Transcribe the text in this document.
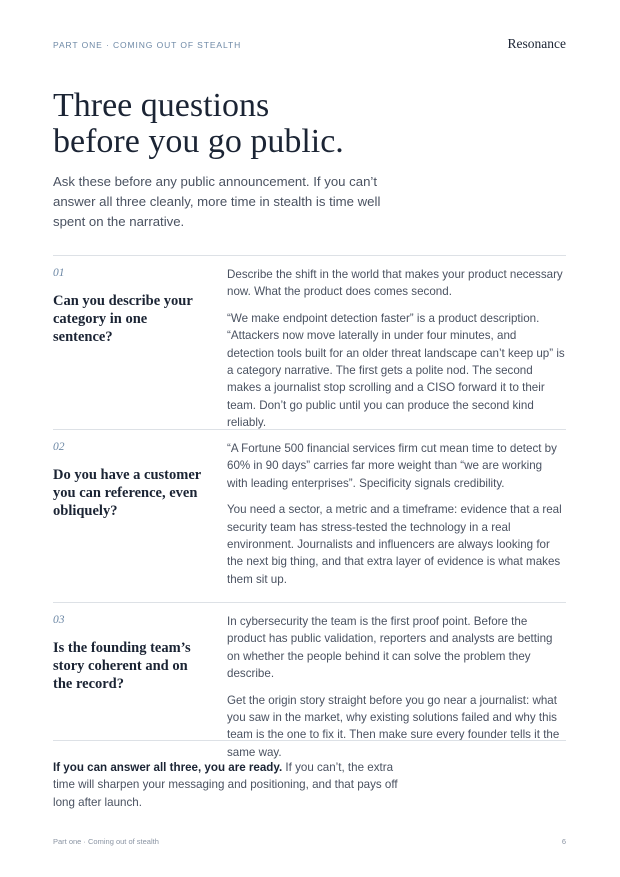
PART ONE · COMING OUT OF STEALTH	Resonance
Three questions
before you go public.

Ask these before any public announcement. If you can’t answer all three cleanly, more time in stealth is time well spent on the narrative.

01
Can you describe your category in one sentence?

Describe the shift in the world that makes your product necessary now. What the product does comes second.

“We make endpoint detection faster” is a product description. “Attackers now move laterally in under four minutes, and detection tools built for an older threat landscape can’t keep up” is a category narrative. The first gets a polite nod. The second makes a journalist stop scrolling and a CISO forward it to their team. Don’t go public until you can produce the second kind reliably.

02
Do you have a customer you can reference, even obliquely?

“A Fortune 500 financial services firm cut mean time to detect by 60% in 90 days” carries far more weight than “we are working with leading enterprises”. Specificity signals credibility.

You need a sector, a metric and a timeframe: evidence that a real security team has stress-tested the technology in a real environment. Journalists and influencers are always looking for the next big thing, and that extra layer of evidence is what makes them sit up.

03
Is the founding team’s story coherent and on the record?

In cybersecurity the team is the first proof point. Before the product has public validation, reporters and analysts are betting on whether the people behind it can solve the problem they describe.

Get the origin story straight before you go near a journalist: what you saw in the market, why existing solutions failed and why this team is the one to fix it. Then make sure every founder tells it the same way.

If you can answer all three, you are ready. If you can’t, the extra time will sharpen your messaging and positioning, and that pays off long after launch.

Part one · Coming out of stealth	6
